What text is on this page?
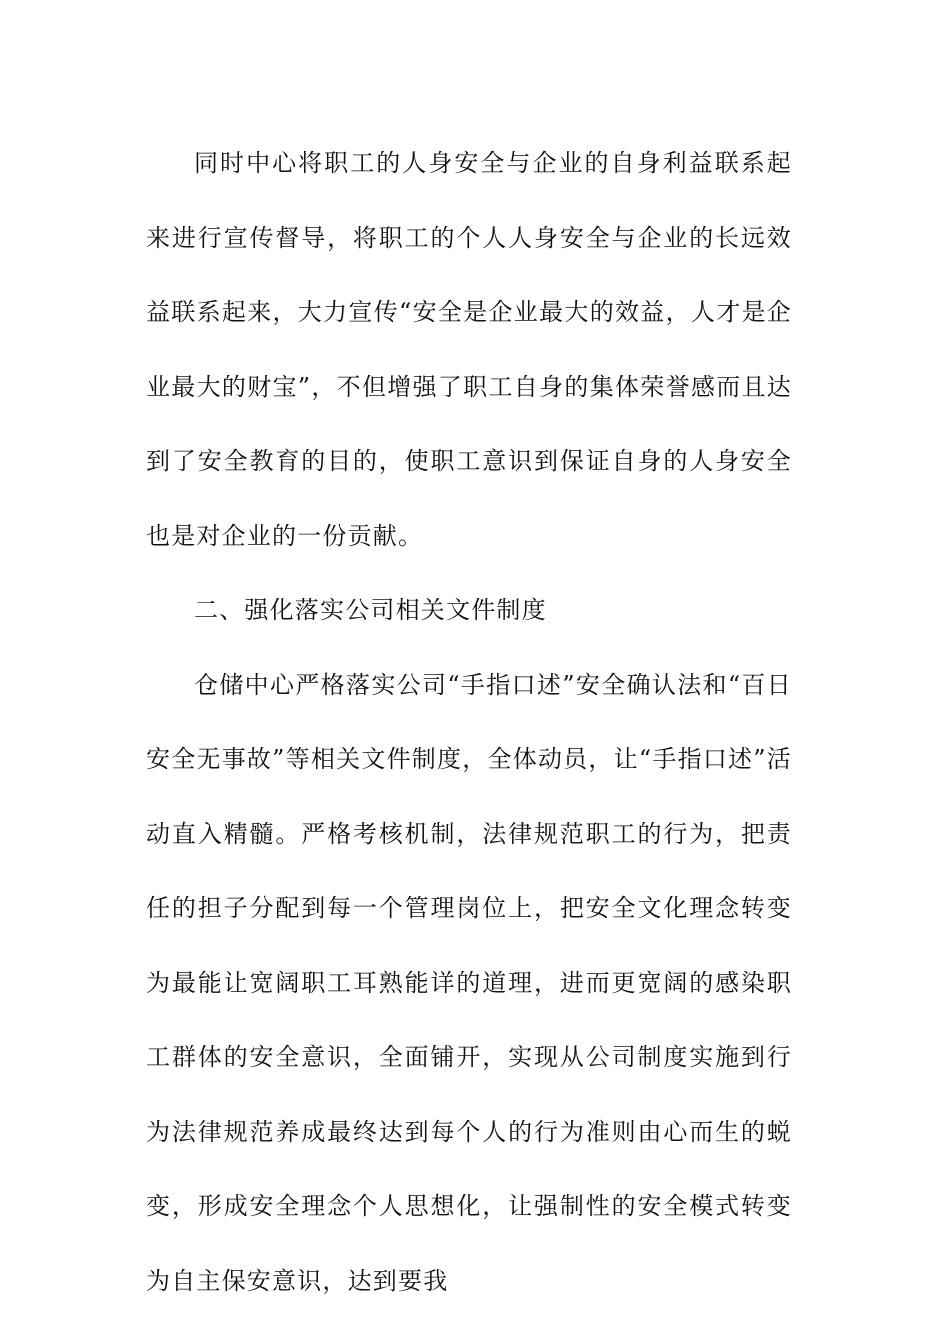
同时中心将职工的人身安全与企业的自身利益联系起来进行宣传督导，将职工的个人人身安全与企业的长远效益联系起来，大力宣传“安全是企业最大的效益，人才是企业最大的财宝”，不但增强了职工自身的集体荣誉感而且达到了安全教育的目的，使职工意识到保证自身的人身安全也是对企业的一份贡献。

二、强化落实公司相关文件制度

仓储中心严格落实公司“手指口述”安全确认法和“百日安全无事故”等相关文件制度，全体动员，让“手指口述”活动直入精髓。严格考核机制，法律规范职工的行为，把责任的担子分配到每一个管理岗位上，把安全文化理念转变为最能让宽阔职工耳熟能详的道理，进而更宽阔的感染职工群体的安全意识，全面铺开，实现从公司制度实施到行为法律规范养成最终达到每个人的行为准则由心而生的蜕变，形成安全理念个人思想化，让强制性的安全模式转变为自主保安意识，达到要我
